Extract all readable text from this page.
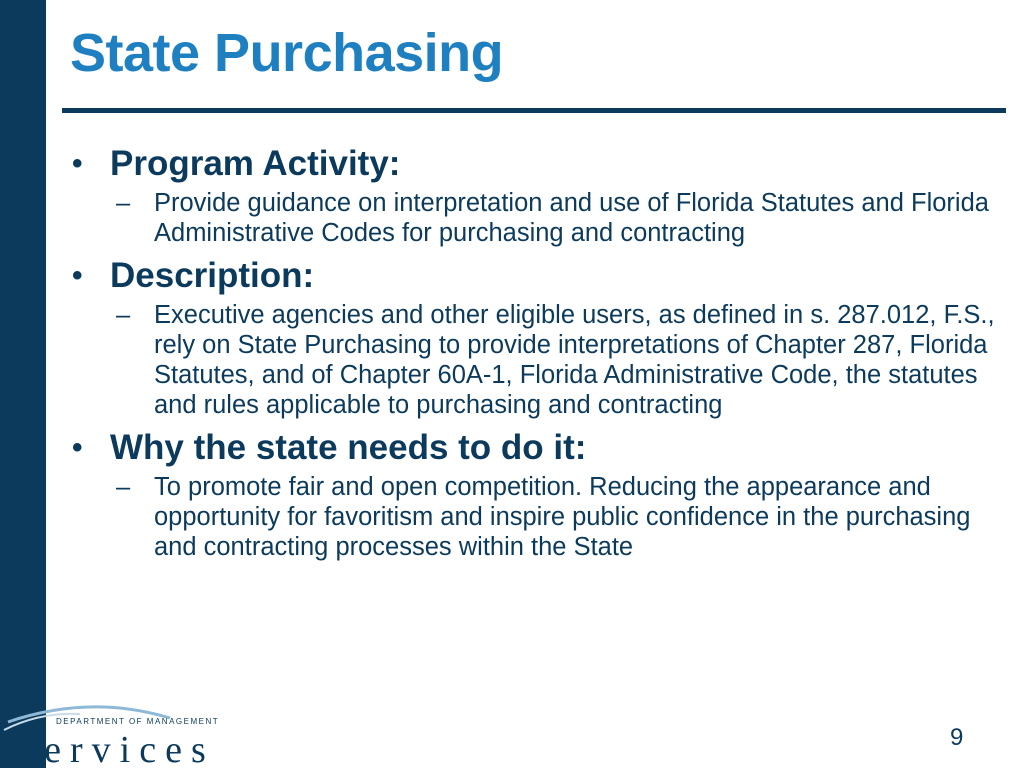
State Purchasing
• Program Activity:
– Provide guidance on interpretation and use of Florida Statutes and Florida Administrative Codes for purchasing and contracting
• Description:
– Executive agencies and other eligible users, as defined in s. 287.012, F.S., rely on State Purchasing to provide interpretations of Chapter 287, Florida Statutes, and of Chapter 60A-1, Florida Administrative Code, the statutes and rules applicable to purchasing and contracting
• Why the state needs to do it:
– To promote fair and open competition. Reducing the appearance and opportunity for favoritism and inspire public confidence in the purchasing and contracting processes within the State
DEPARTMENT OF MANAGEMENT
Services	9
